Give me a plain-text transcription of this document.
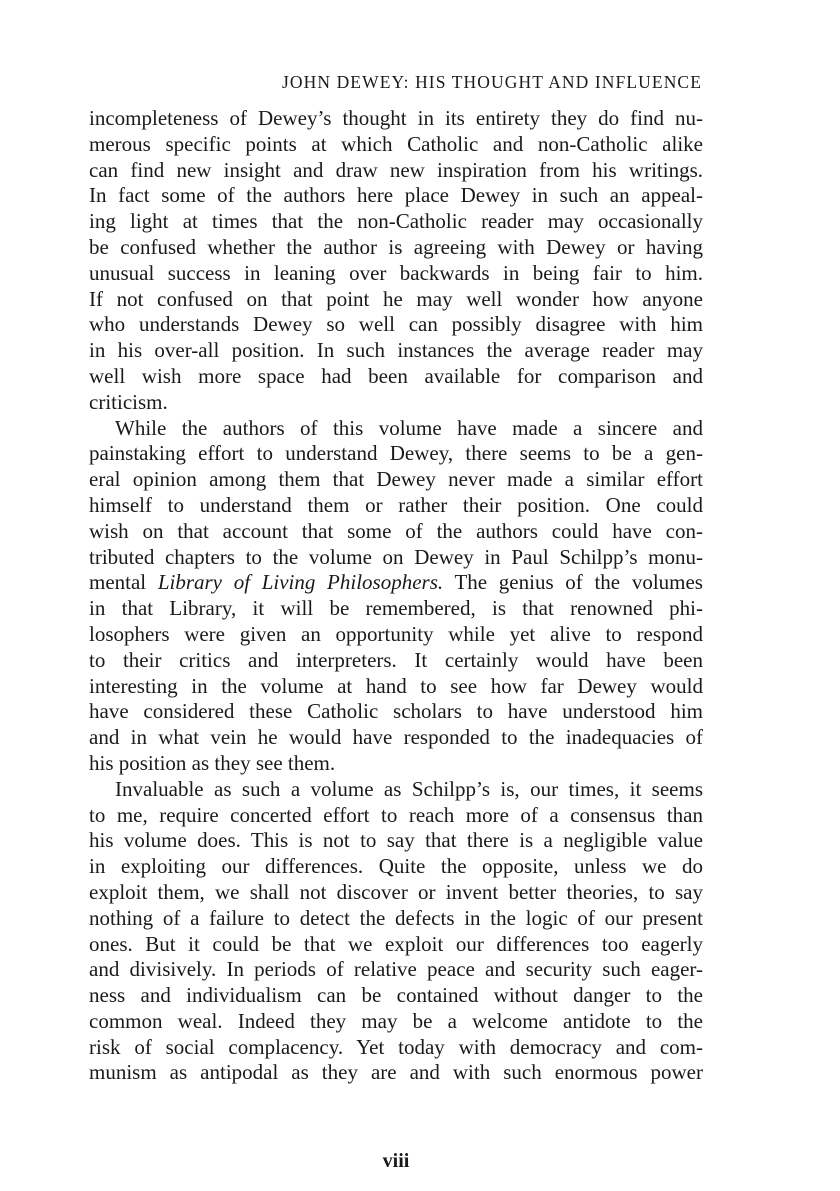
JOHN DEWEY: HIS THOUGHT AND INFLUENCE
incompleteness of Dewey’s thought in its entirety they do find nu-
merous specific points at which Catholic and non-Catholic alike
can find new insight and draw new inspiration from his writings.
In fact some of the authors here place Dewey in such an appeal-
ing light at times that the non-Catholic reader may occasionally
be confused whether the author is agreeing with Dewey or having
unusual success in leaning over backwards in being fair to him.
If not confused on that point he may well wonder how anyone
who understands Dewey so well can possibly disagree with him
in his over-all position. In such instances the average reader may
well wish more space had been available for comparison and
criticism.
While the authors of this volume have made a sincere and
painstaking effort to understand Dewey, there seems to be a gen-
eral opinion among them that Dewey never made a similar effort
himself to understand them or rather their position. One could
wish on that account that some of the authors could have con-
tributed chapters to the volume on Dewey in Paul Schilpp’s monu-
mental Library of Living Philosophers. The genius of the volumes
in that Library, it will be remembered, is that renowned phi-
losophers were given an opportunity while yet alive to respond
to their critics and interpreters. It certainly would have been
interesting in the volume at hand to see how far Dewey would
have considered these Catholic scholars to have understood him
and in what vein he would have responded to the inadequacies of
his position as they see them.
Invaluable as such a volume as Schilpp’s is, our times, it seems
to me, require concerted effort to reach more of a consensus than
his volume does. This is not to say that there is a negligible value
in exploiting our differences. Quite the opposite, unless we do
exploit them, we shall not discover or invent better theories, to say
nothing of a failure to detect the defects in the logic of our present
ones. But it could be that we exploit our differences too eagerly
and divisively. In periods of relative peace and security such eager-
ness and individualism can be contained without danger to the
common weal. Indeed they may be a welcome antidote to the
risk of social complacency. Yet today with democracy and com-
munism as antipodal as they are and with such enormous power
viii
